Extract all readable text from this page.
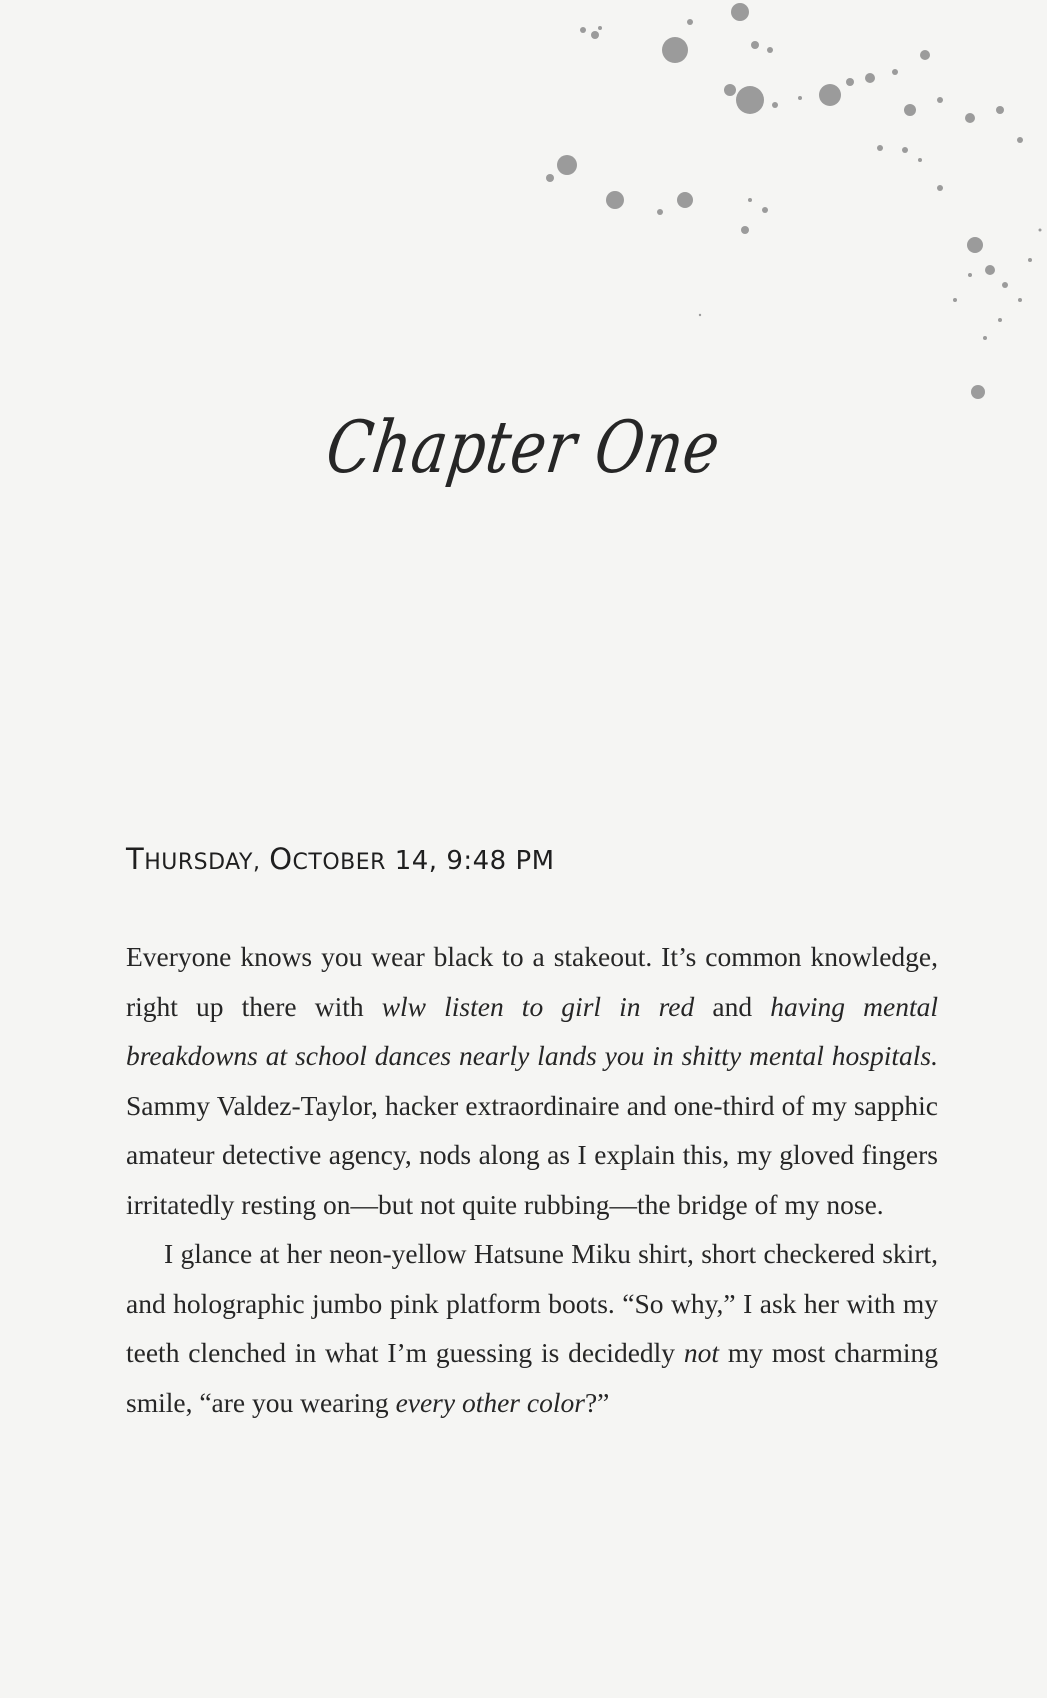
Chapter One
THURSDAY, OCTOBER 14, 9:48 PM

Everyone knows you wear black to a stakeout. It’s common knowledge, right up there with wlw listen to girl in red and having mental breakdowns at school dances nearly lands you in shitty mental hospitals. Sammy Valdez-Taylor, hacker extraordinaire and one-third of my sapphic amateur detective agency, nods along as I explain this, my gloved fingers irritatedly resting on—but not quite rubbing—the bridge of my nose.

I glance at her neon-yellow Hatsune Miku shirt, short checkered skirt, and holographic jumbo pink platform boots. “So why,” I ask her with my teeth clenched in what I’m guessing is decidedly not my most charming smile, “are you wearing every other color?”
